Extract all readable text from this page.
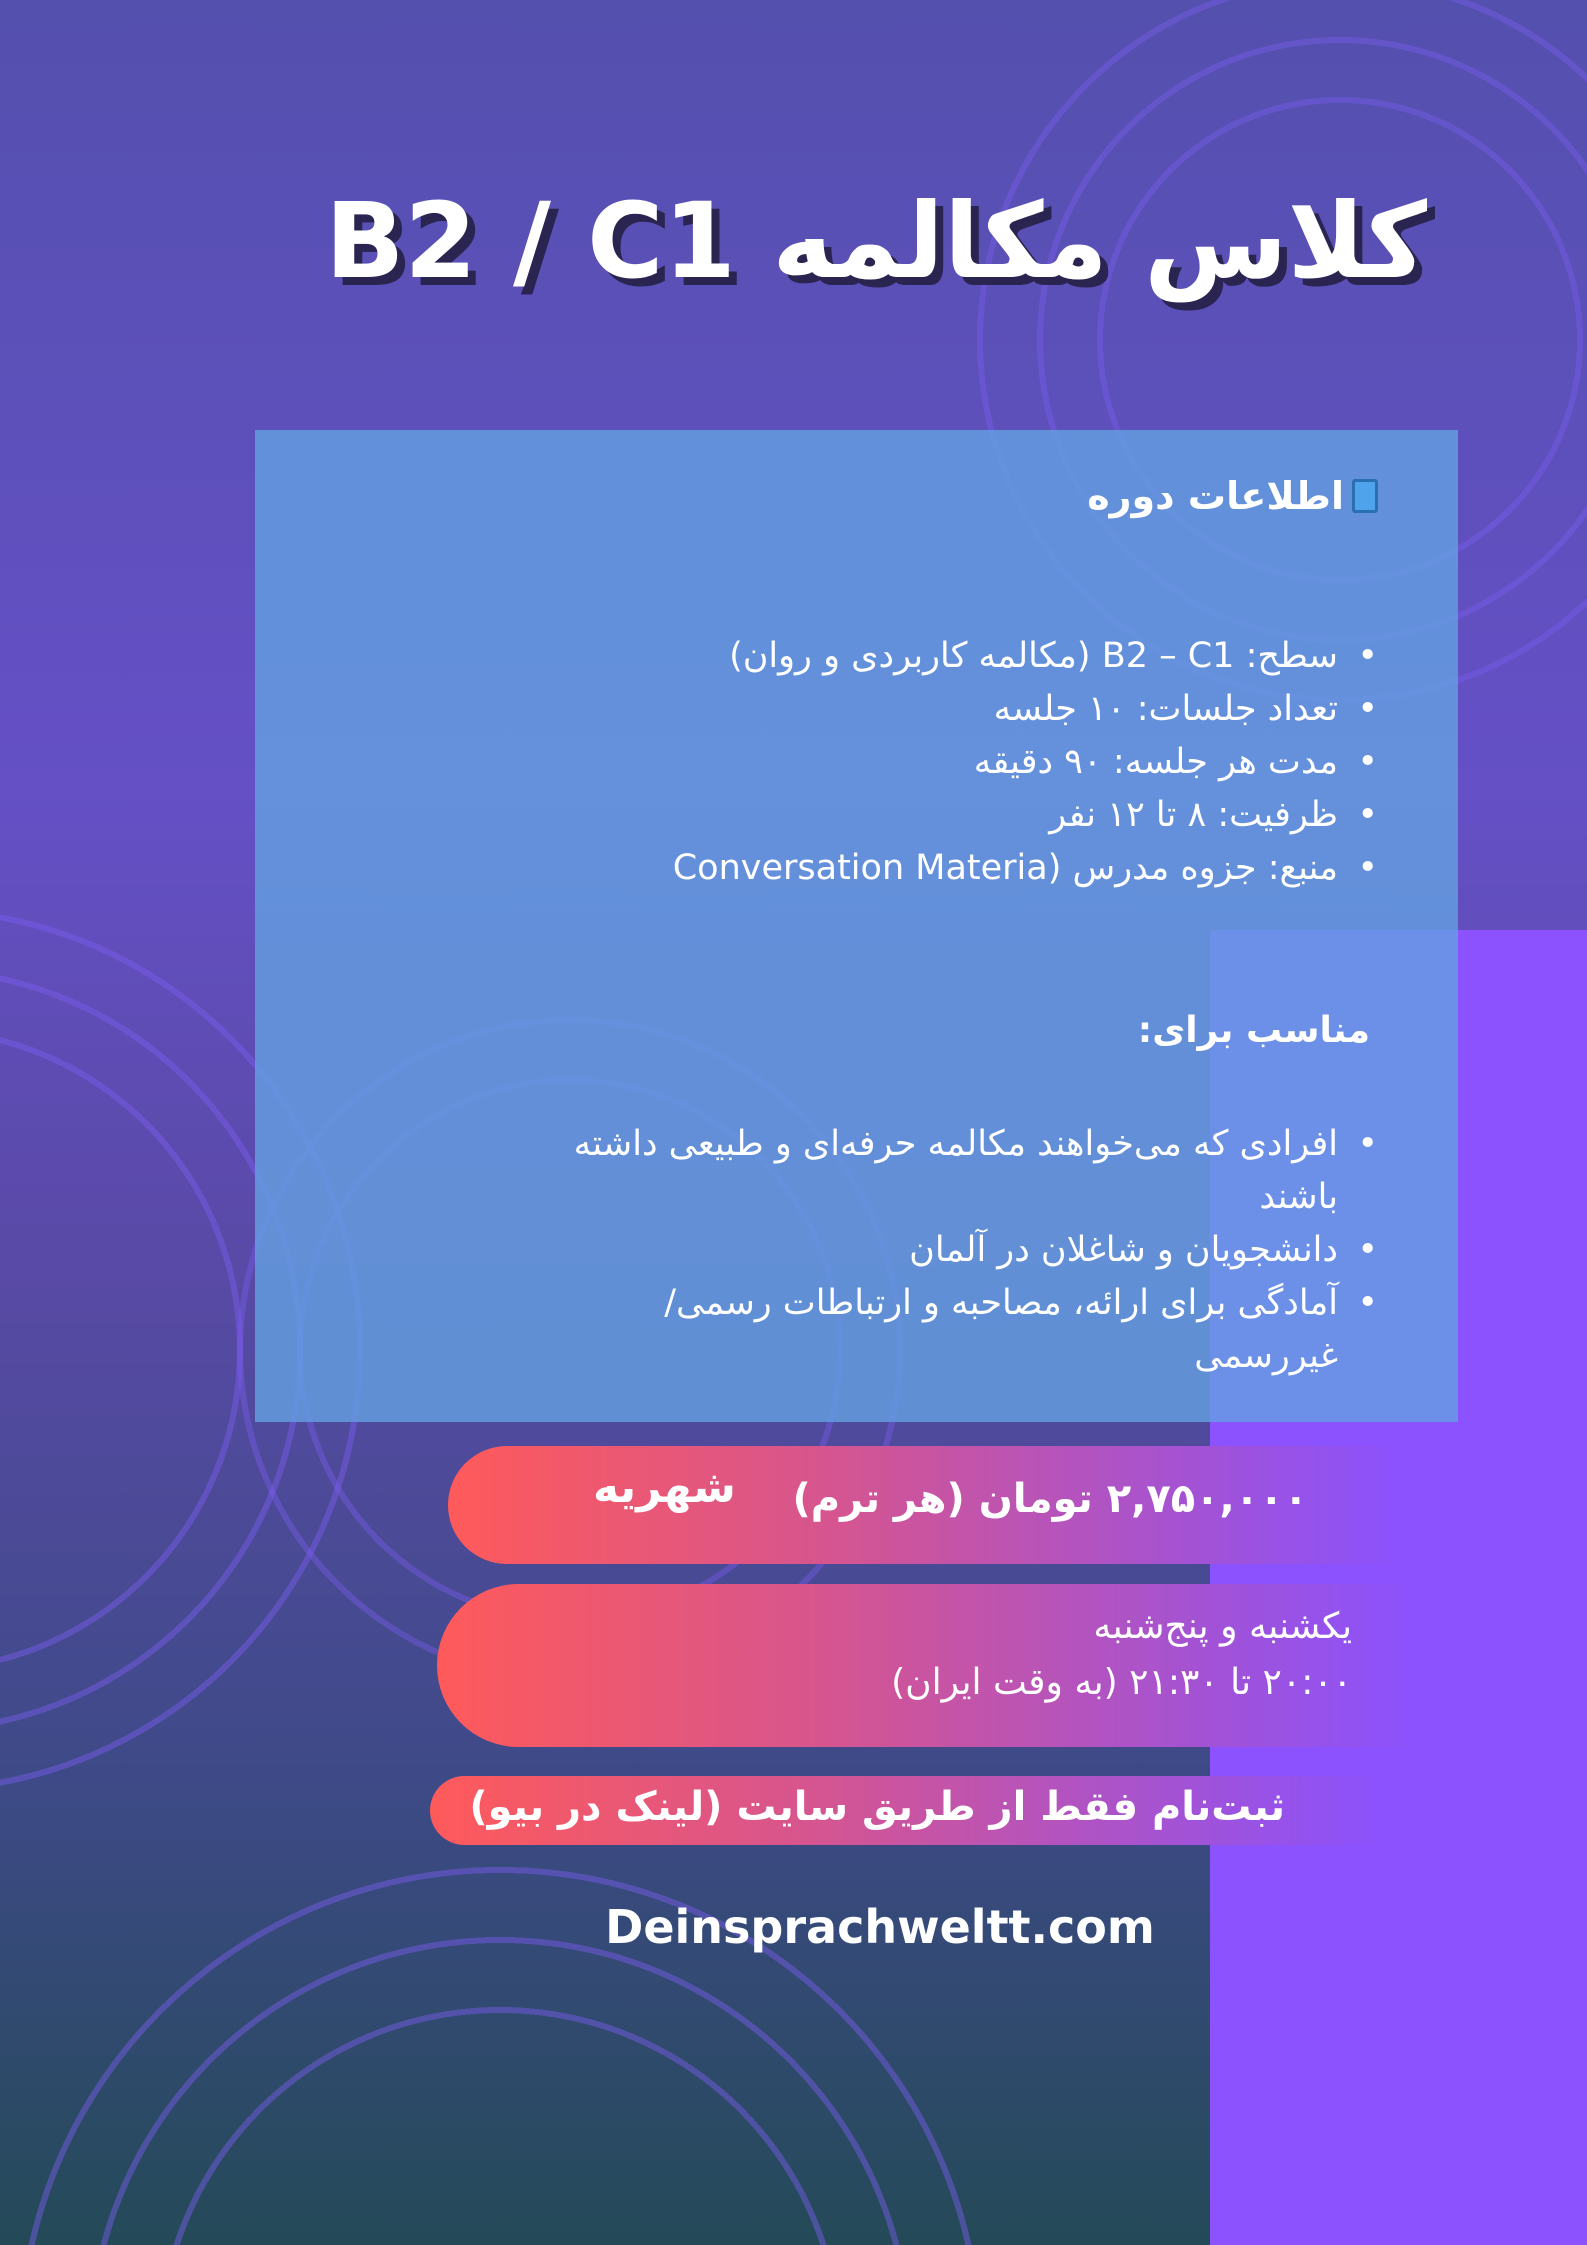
کلاس مکالمه B2 / C1
اطلاعات دوره
• سطح: B2 – C1 (مکالمه کاربردی و روان)
• تعداد جلسات: ۱۰ جلسه
• مدت هر جلسه: ۹۰ دقیقه
• ظرفیت: ۸ تا ۱۲ نفر
• منبع: جزوه مدرس (Conversation Materia
مناسب برای:
• افرادی که می‌خواهند مکالمه حرفه‌ای و طبیعی داشته باشند
• دانشجویان و شاغلان در آلمان
• آمادگی برای ارائه، مصاحبه و ارتباطات رسمی/غیررسمی
۲,۷۵۰,۰۰۰ تومان (هر ترم)
شهریه
یکشنبه و پنج‌شنبه
۲۰:۰۰ تا ۲۱:۳۰ (به وقت ایران)
ثبت‌نام فقط از طریق سایت (لینک در بیو)
Deinsprachweltt.com
